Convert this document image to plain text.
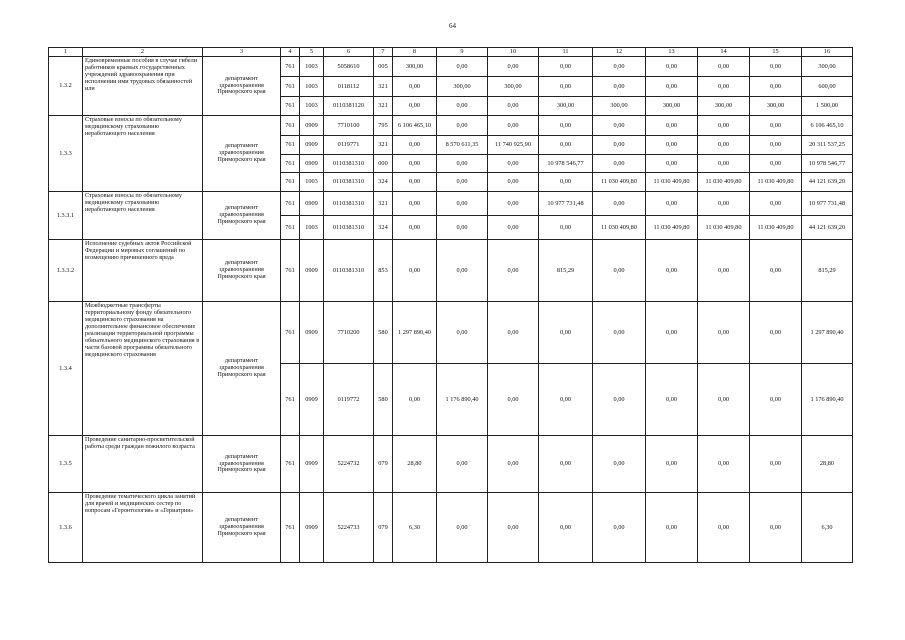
64
1	2	3	4	5	6	7	8	9	10	11	12	13	14	15	16
1.3.2	Единовременные пособия в случае гибели работников краевых государственных учреждений здравоохранения при исполнении ими трудовых обязанностей или	департамент здравоохранения Приморского края	761	1003	5058610	005	300,00	0,00	0,00	0,00	0,00	0,00	0,00	0,00	300,00
			761	1003	0118112	321	0,00	300,00	300,00	0,00	0,00	0,00	0,00	0,00	600,00
			761	1003	0110381120	321	0,00	0,00	0,00	300,00	300,00	300,00	300,00	300,00	1 500,00
1.3.3	Страховые взносы по обязательному медицинскому страхованию неработающего населения	департамент здравоохранения Приморского края	761	0909	7710100	795	6 106 465,10	0,00	0,00	0,00	0,00	0,00	0,00	0,00	6 106 465,10
			761	0909	0119771	321	0,00	8 570 611,35	11 740 925,90	0,00	0,00	0,00	0,00	0,00	20 311 537,25
			761	0909	0110381310	000	0,00	0,00	0,00	10 978 546,77	0,00	0,00	0,00	0,00	10 978 546,77
			761	1003	0110381310	324	0,00	0,00	0,00	0,00	11 030 409,80	11 030 409,80	11 030 409,80	11 030 409,80	44 121 639,20
1.3.3.1	Страховые взносы по обязательному медицинскому страхованию неработающего населения	департамент здравоохранения Приморского края	761	0909	0110381310	321	0,00	0,00	0,00	10 977 731,48	0,00	0,00	0,00	0,00	10 977 731,48
			761	1003	0110381310	324	0,00	0,00	0,00	0,00	11 030 409,80	11 030 409,80	11 030 409,80	11 030 409,80	44 121 639,20
1.3.3.2	Исполнение судебных актов Российской Федерации и мировых соглашений по возмещению причиненного вреда	департамент здравоохранения Приморского края	761	0909	0110381310	853	0,00	0,00	0,00	815,29	0,00	0,00	0,00	0,00	815,29
1.3.4	Межбюджетные трансферты территориальному фонду обязательного медицинского страхования на дополнительное финансовое обеспечение реализации территориальной программы обязательного медицинского страхования в части базовой программы обязательного медицинского страхования	департамент здравоохранения Приморского края	761	0909	7710200	580	1 297 890,40	0,00	0,00	0,00	0,00	0,00	0,00	0,00	1 297 890,40
			761	0909	0119772	580	0,00	1 176 890,40	0,00	0,00	0,00	0,00	0,00	0,00	1 176 890,40
1.3.5	Проведение санитарно-просветительской работы среди граждан пожилого возраста	департамент здравоохранения Приморского края	761	0909	5224732	079	28,80	0,00	0,00	0,00	0,00	0,00	0,00	0,00	28,80
1.3.6	Проведение тематического цикла занятий для врачей и медицинских сестер по вопросам «Геронтология» и «Гериатрия»	департамент здравоохранения Приморского края	761	0909	5224733	079	6,30	0,00	0,00	0,00	0,00	0,00	0,00	0,00	6,30
